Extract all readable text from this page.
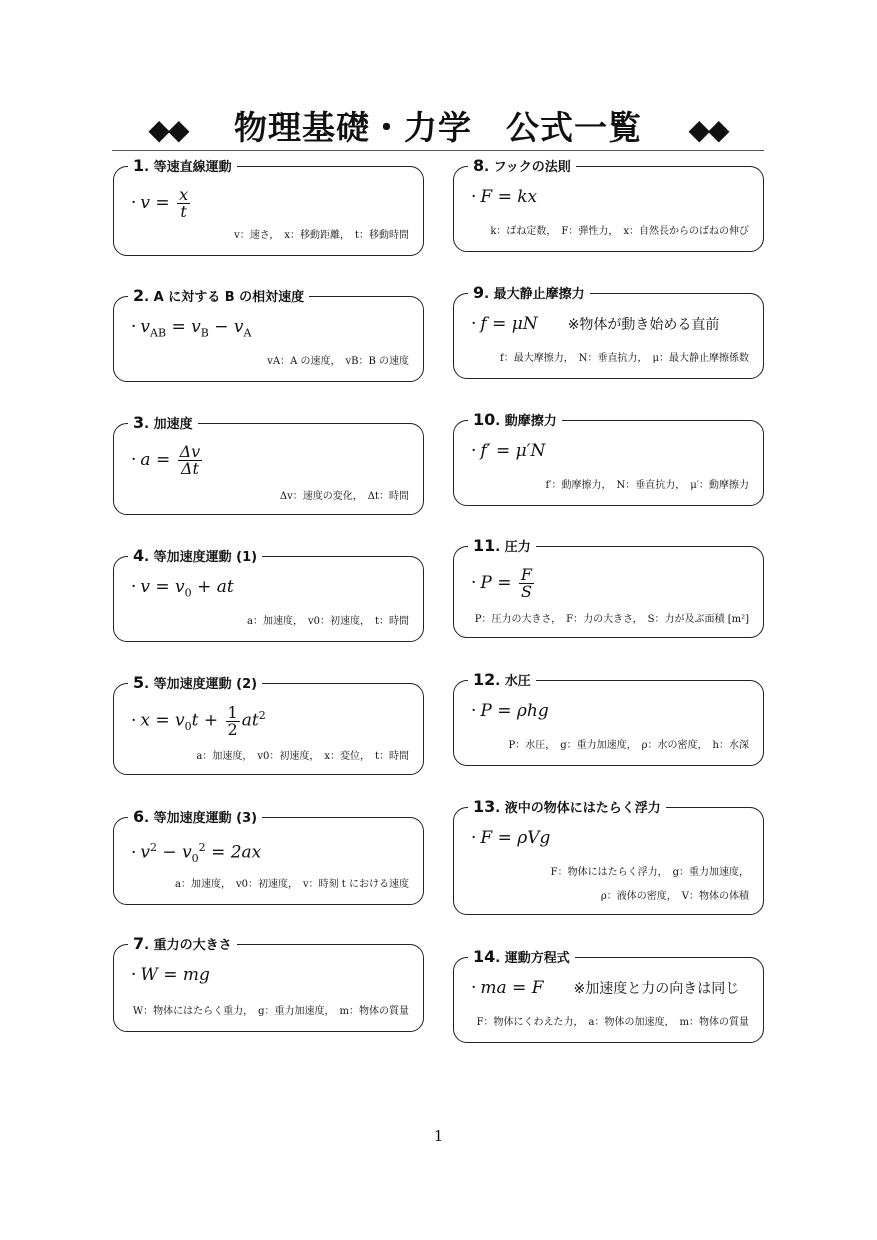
◆◆ 物理基礎・力学　公式一覧 ◆◆
1. 等速直線運動
· $v = \frac{x}{t}$
v：速さ，　x：移動距離，　t：移動時間
2. A に対する B の相対速度
· $v_{AB} = v_B - v_A$
vA：A の速度，　vB：B の速度
3. 加速度
· $a = \frac{\Delta v}{\Delta t}$
Δv：速度の変化，　Δt：時間
4. 等加速度運動 (1)
· $v = v_0$ + at
a：加速度，　v0：初速度，　t：時間
5. 等加速度運動 (2)
· $x = v_0t + \frac{1}{2} at^2$
a：加速度，　v0：初速度，　x：変位，　t：時間
6. 等加速度運動 (3)
· $v^2 - v_0^2 = 2ax$
a：加速度，　v0：初速度，　v：時刻 t における速度
7. 重力の大きさ
· W = mg
W：物体にはたらく重力，　g：重力加速度，　m：物体の質量
8. フックの法則
· F = kx
k：ばね定数，　F：弾性力，　x：自然長からのばねの伸び
9. 最大静止摩擦力
· f = μN ※物体が動き始める直前
f：最大摩擦力，　N：垂直抗力，　μ：最大静止摩擦係数
10. 動摩擦力
· f′ = μ′N
f′：動摩擦力，　N：垂直抗力，　μ′：動摩擦力
11. 圧力
· $P = \frac{F}{S}$
P：圧力の大きさ，　F：力の大きさ，　S：力が及ぶ面積 [m²]
12. 水圧
· P = ρhg
P：水圧，　g：重力加速度，　ρ：水の密度，　h：水深
13. 液中の物体にはたらく浮力
· F = ρVg
F：物体にはたらく浮力，　g：重力加速度，
ρ：液体の密度，　V：物体の体積
14. 運動方程式
· ma = F ※加速度と力の向きは同じ
F：物体にくわえた力，　a：物体の加速度，　m：物体の質量
1
